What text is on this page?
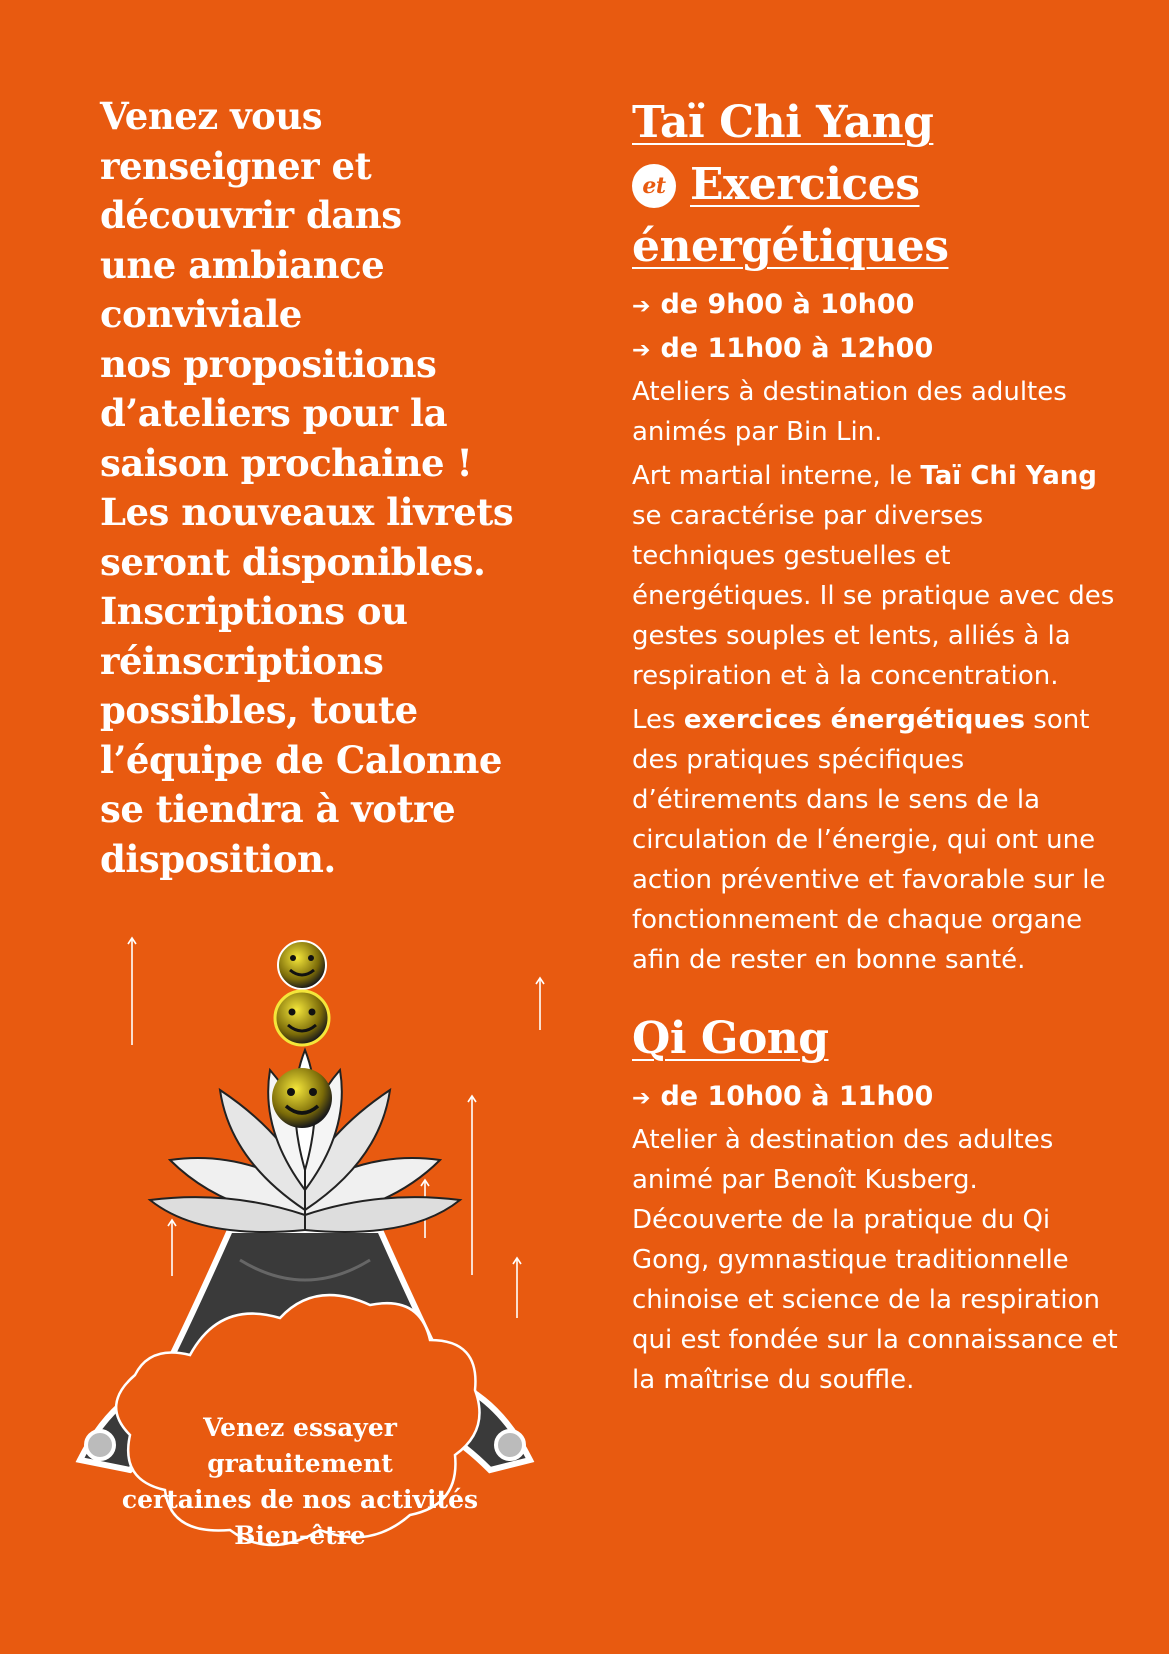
Venez vous
renseigner et
découvrir dans
une ambiance
conviviale
nos propositions
d’ateliers pour la
saison prochaine !
Les nouveaux livrets
seront disponibles.
Inscriptions ou
réinscriptions
possibles, toute
l’équipe de Calonne
se tiendra à votre
disposition.
Venez essayer
gratuitement
certaines de nos activités
Bien-être
Taï Chi Yang
et Exercices
énergétiques
➔ de 9h00 à 10h00
➔ de 11h00 à 12h00

Ateliers à destination des adultes animés par Bin Lin.

Art martial interne, le Taï Chi Yang se caractérise par diverses techniques gestuelles et énergétiques. Il se pratique avec des gestes souples et lents, alliés à la respiration et à la concentration.

Les exercices énergétiques sont des pratiques spécifiques d’étirements dans le sens de la circulation de l’énergie, qui ont une action préventive et favorable sur le fonctionnement de chaque organe afin de rester en bonne santé.

Qi Gong
➔ de 10h00 à 11h00

Atelier à destination des adultes animé par Benoît Kusberg. Découverte de la pratique du Qi Gong, gymnastique traditionnelle chinoise et science de la respiration qui est fondée sur la connaissance et la maîtrise du souffle.
